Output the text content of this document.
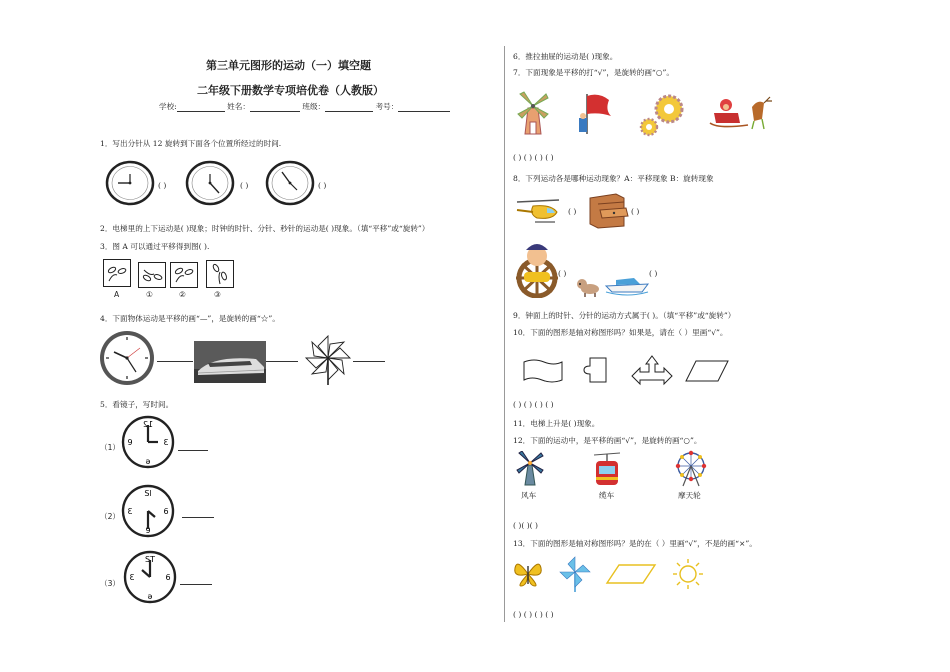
第三单元图形的运动（一）填空题
二年级下册数学专项培优卷（人教版）
学校:	姓名：	班级：	考号：
1．写出分针从 12 旋转到下面各个位置所经过的时间.
( )	( )	( )
2．电梯里的上下运动是( )现象；时钟的时针、分针、秒针的运动是( )现象。（填“平移”或“旋转”）
3．图 A 可以通过平移得到图( ).
A	①	②	③
4．下面物体运动是平移的画“—”，是旋转的画“☆”。
5．看镜子，写时间。
（1）
12
Ɛ
9
ə
（2）
Sl
Ɛ	6
9
（3）
ST
Ɛ	6
ə
6．推拉抽屉的运动是( )现象。
7．下面现象是平移的打“√”，是旋转的画“○”。
( ) ( ) ( ) ( )
8．下列运动各是哪种运动现象？A：平移现象 B：旋转现象
( )	( )
( )	( )
9．钟面上的时针、分针的运动方式属于( )。（填“平移”或“旋转”）
10．下面的图形是轴对称图形吗？如果是，请在（ ）里画“√”。
( ) ( ) ( ) ( )
11．电梯上升是( )现象。
12．下面的运动中，是平移的画“√”，是旋转的画“○”。
风车	缆车	摩天轮
( )( )( )
13．下面的图形是轴对称图形吗？是的在（ ）里画“√”，不是的画“×”。
( ) ( ) ( ) ( )
